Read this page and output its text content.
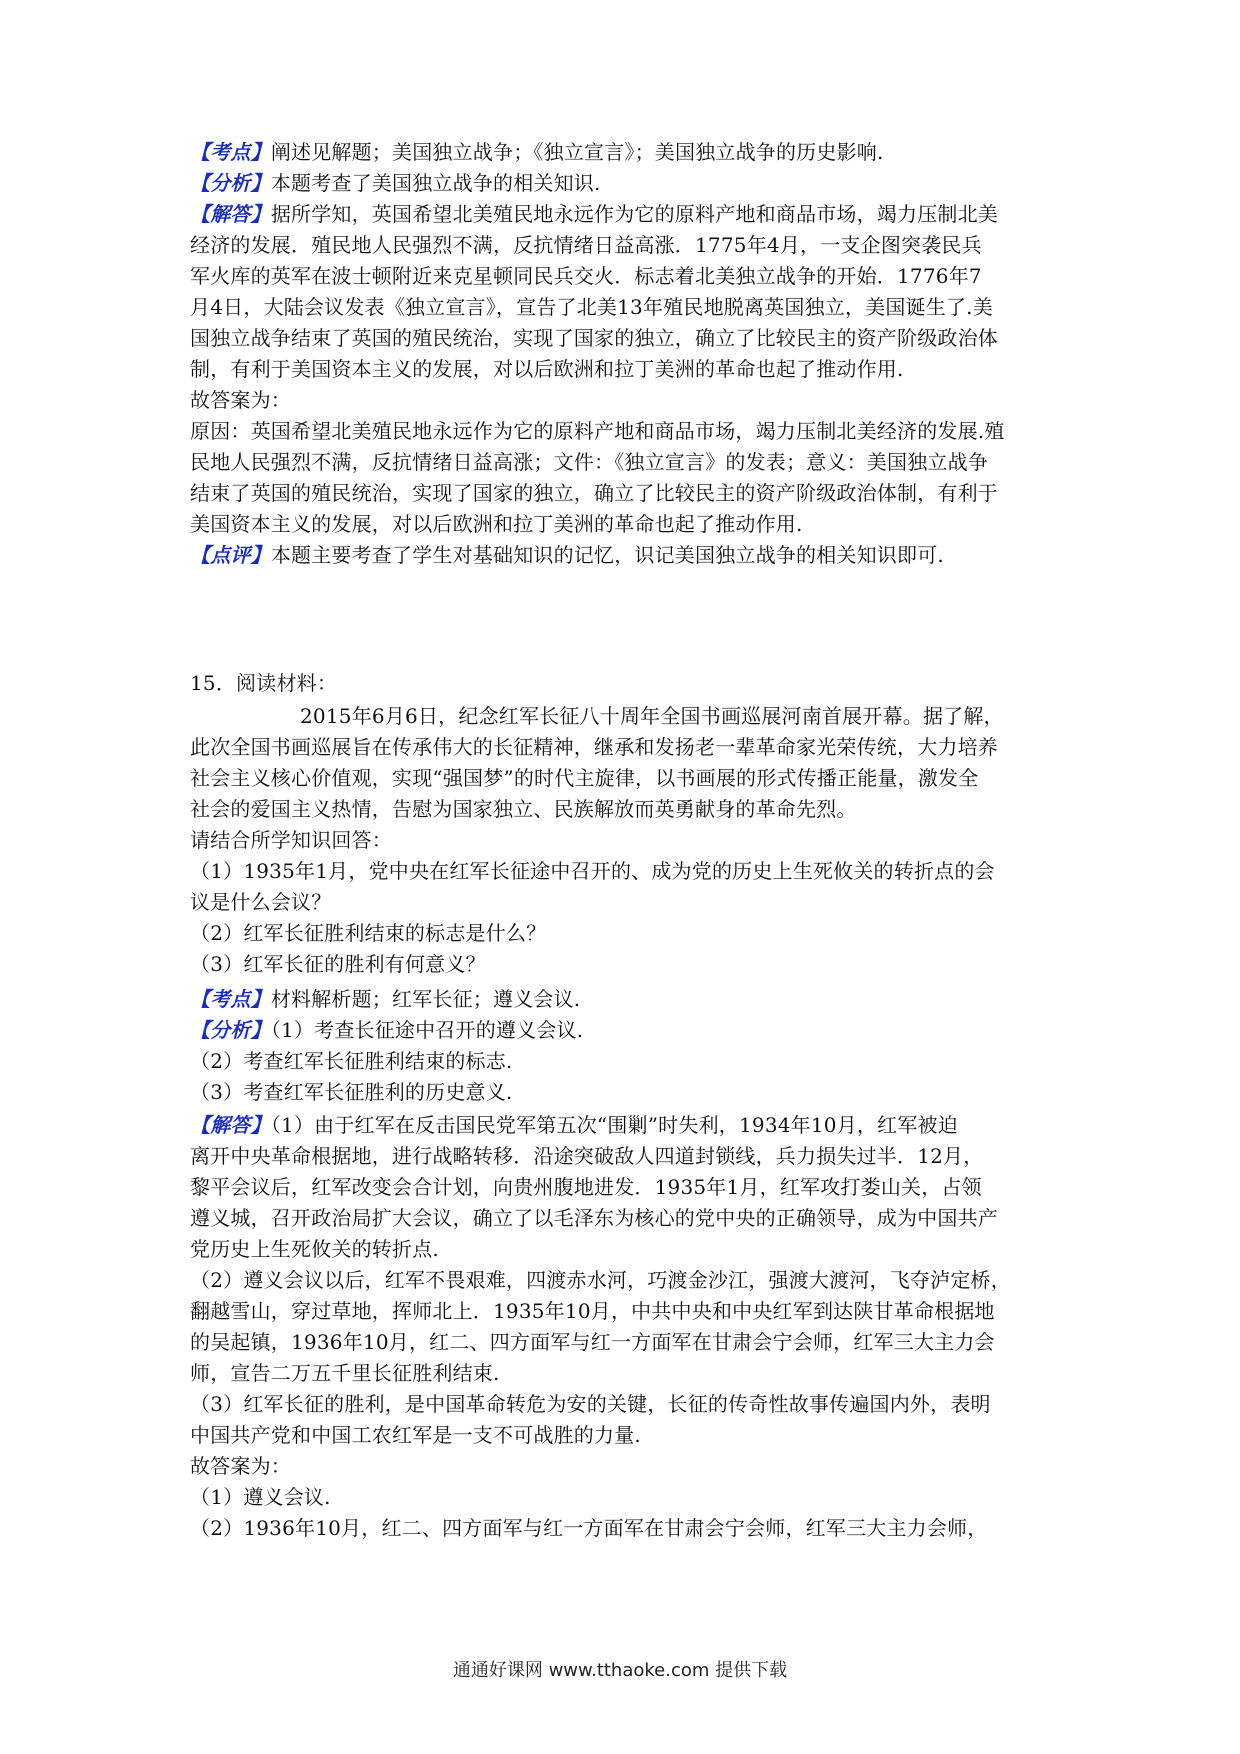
【考点】阐述见解题；美国独立战争；《独立宣言》；美国独立战争的历史影响.
【分析】本题考查了美国独立战争的相关知识.
【解答】据所学知，英国希望北美殖民地永远作为它的原料产地和商品市场，竭力压制北美
经济的发展．殖民地人民强烈不满，反抗情绪日益高涨．1775年4月，一支企图突袭民兵
军火库的英军在波士顿附近来克星顿同民兵交火．标志着北美独立战争的开始．1776年7
月4日，大陆会议发表《独立宣言》，宣告了北美13年殖民地脱离英国独立，美国诞生了.美
国独立战争结束了英国的殖民统治，实现了国家的独立，确立了比较民主的资产阶级政治体
制，有利于美国资本主义的发展，对以后欧洲和拉丁美洲的革命也起了推动作用.
故答案为：
原因：英国希望北美殖民地永远作为它的原料产地和商品市场，竭力压制北美经济的发展.殖
民地人民强烈不满，反抗情绪日益高涨；文件：《独立宣言》的发表；意义：美国独立战争
结束了英国的殖民统治，实现了国家的独立，确立了比较民主的资产阶级政治体制，有利于
美国资本主义的发展，对以后欧洲和拉丁美洲的革命也起了推动作用.
【点评】本题主要考查了学生对基础知识的记忆，识记美国独立战争的相关知识即可.
15．阅读材料：
2015年6月6日，纪念红军长征八十周年全国书画巡展河南首展开幕。据了解，
此次全国书画巡展旨在传承伟大的长征精神，继承和发扬老一辈革命家光荣传统，大力培养
社会主义核心价值观，实现“强国梦”的时代主旋律，以书画展的形式传播正能量，激发全
社会的爱国主义热情，告慰为国家独立、民族解放而英勇献身的革命先烈。
请结合所学知识回答：
（1）1935年1月，党中央在红军长征途中召开的、成为党的历史上生死攸关的转折点的会
议是什么会议？
（2）红军长征胜利结束的标志是什么？
（3）红军长征的胜利有何意义？
【考点】材料解析题；红军长征；遵义会议.
【分析】（1）考查长征途中召开的遵义会议.
（2）考查红军长征胜利结束的标志.
（3）考查红军长征胜利的历史意义.
【解答】（1）由于红军在反击国民党军第五次“围剿”时失利，1934年10月，红军被迫
离开中央革命根据地，进行战略转移．沿途突破敌人四道封锁线，兵力损失过半．12月，
黎平会议后，红军改变会合计划，向贵州腹地进发．1935年1月，红军攻打娄山关，占领
遵义城，召开政治局扩大会议，确立了以毛泽东为核心的党中央的正确领导，成为中国共产
党历史上生死攸关的转折点.
（2）遵义会议以后，红军不畏艰难，四渡赤水河，巧渡金沙江，强渡大渡河，飞夺泸定桥，
翻越雪山，穿过草地，挥师北上．1935年10月，中共中央和中央红军到达陕甘革命根据地
的吴起镇，1936年10月，红二、四方面军与红一方面军在甘肃会宁会师，红军三大主力会
师，宣告二万五千里长征胜利结束.
（3）红军长征的胜利，是中国革命转危为安的关键，长征的传奇性故事传遍国内外，表明
中国共产党和中国工农红军是一支不可战胜的力量.
故答案为：
（1）遵义会议.
（2）1936年10月，红二、四方面军与红一方面军在甘肃会宁会师，红军三大主力会师，
通通好课网 www.tthaoke.com 提供下载
